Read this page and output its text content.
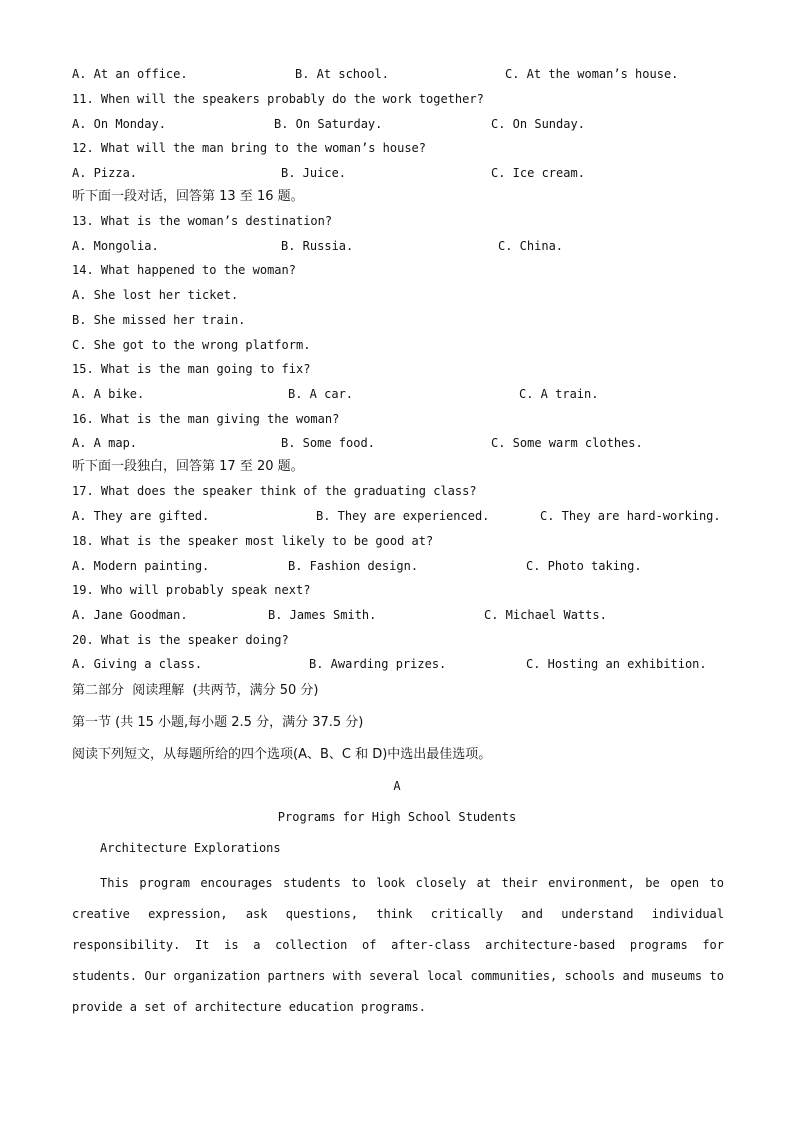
A. At an office.	B. At school.	C. At the woman’s house.
11. When will the speakers probably do the work together?
A. On Monday.	B. On Saturday.	C. On Sunday.
12. What will the man bring to the woman’s house?
A. Pizza.	B. Juice.	C. Ice cream.
听下面一段对话，回答第 13 至 16 题。
13. What is the woman’s destination?
A. Mongolia.	B. Russia.	C. China.
14. What happened to the woman?
A. She lost her ticket.
B. She missed her train.
C. She got to the wrong platform.
15. What is the man going to fix?
A. A bike.	B. A car.	C. A train.
16. What is the man giving the woman?
A. A map.	B. Some food.	C. Some warm clothes.
听下面一段独白，回答第 17 至 20 题。
17. What does the speaker think of the graduating class?
A. They are gifted.	B. They are experienced.	C. They are hard-working.
18. What is the speaker most likely to be good at?
A. Modern painting.	B. Fashion design.	C. Photo taking.
19. Who will probably speak next?
A. Jane Goodman.	B. James Smith.	C. Michael Watts.
20. What is the speaker doing?
A. Giving a class.	B. Awarding prizes.	C. Hosting an exhibition.
第二部分  阅读理解  (共两节，满分 50 分)
第一节 (共 15 小题,每小题 2.5 分，满分 37.5 分)
阅读下列短文，从每题所给的四个选项(A、B、C 和 D)中选出最佳选项。
A
Programs for High School Students
Architecture Explorations
This program encourages students to look closely at their environment, be open to creative expression, ask questions, think critically and understand individual responsibility. It is a collection of after-class architecture-based programs for students. Our organization partners with several local communities, schools and museums to provide a set of architecture education programs.
